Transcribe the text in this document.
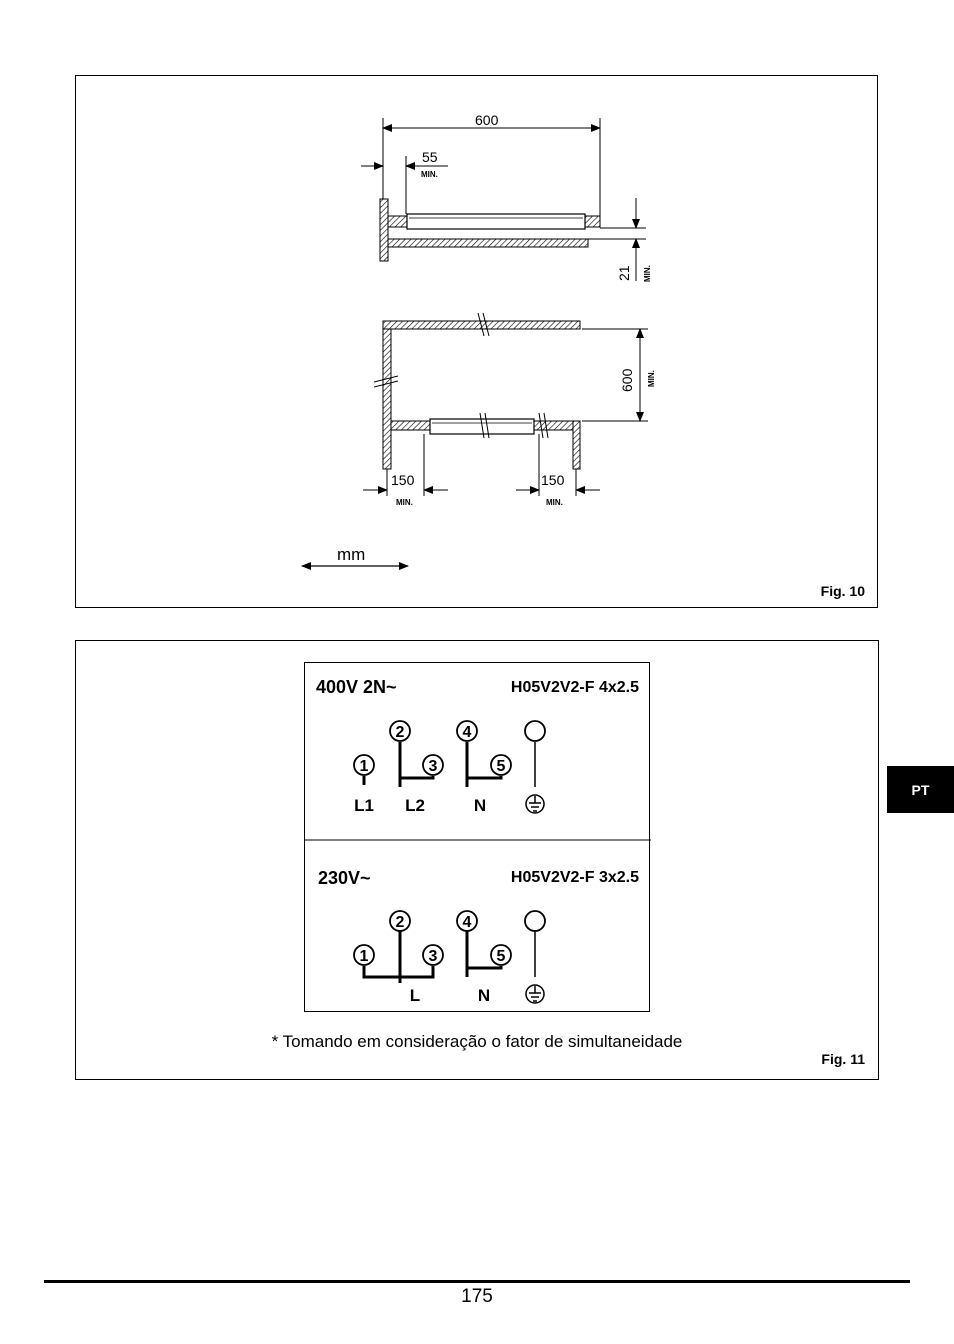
600
55
MIN.
21 MIN.
600 MIN.
150
MIN.
150
MIN.
mm
Fig. 10
400V 2N~	H05V2V2-F 4x2.5
230V~	H05V2V2-F 3x2.5
1
2
3
4
5
L1 L2	N
1
2
3
4
5
L	N
* Tomando em consideração o fator de simultaneidade
Fig. 11
PT
175
